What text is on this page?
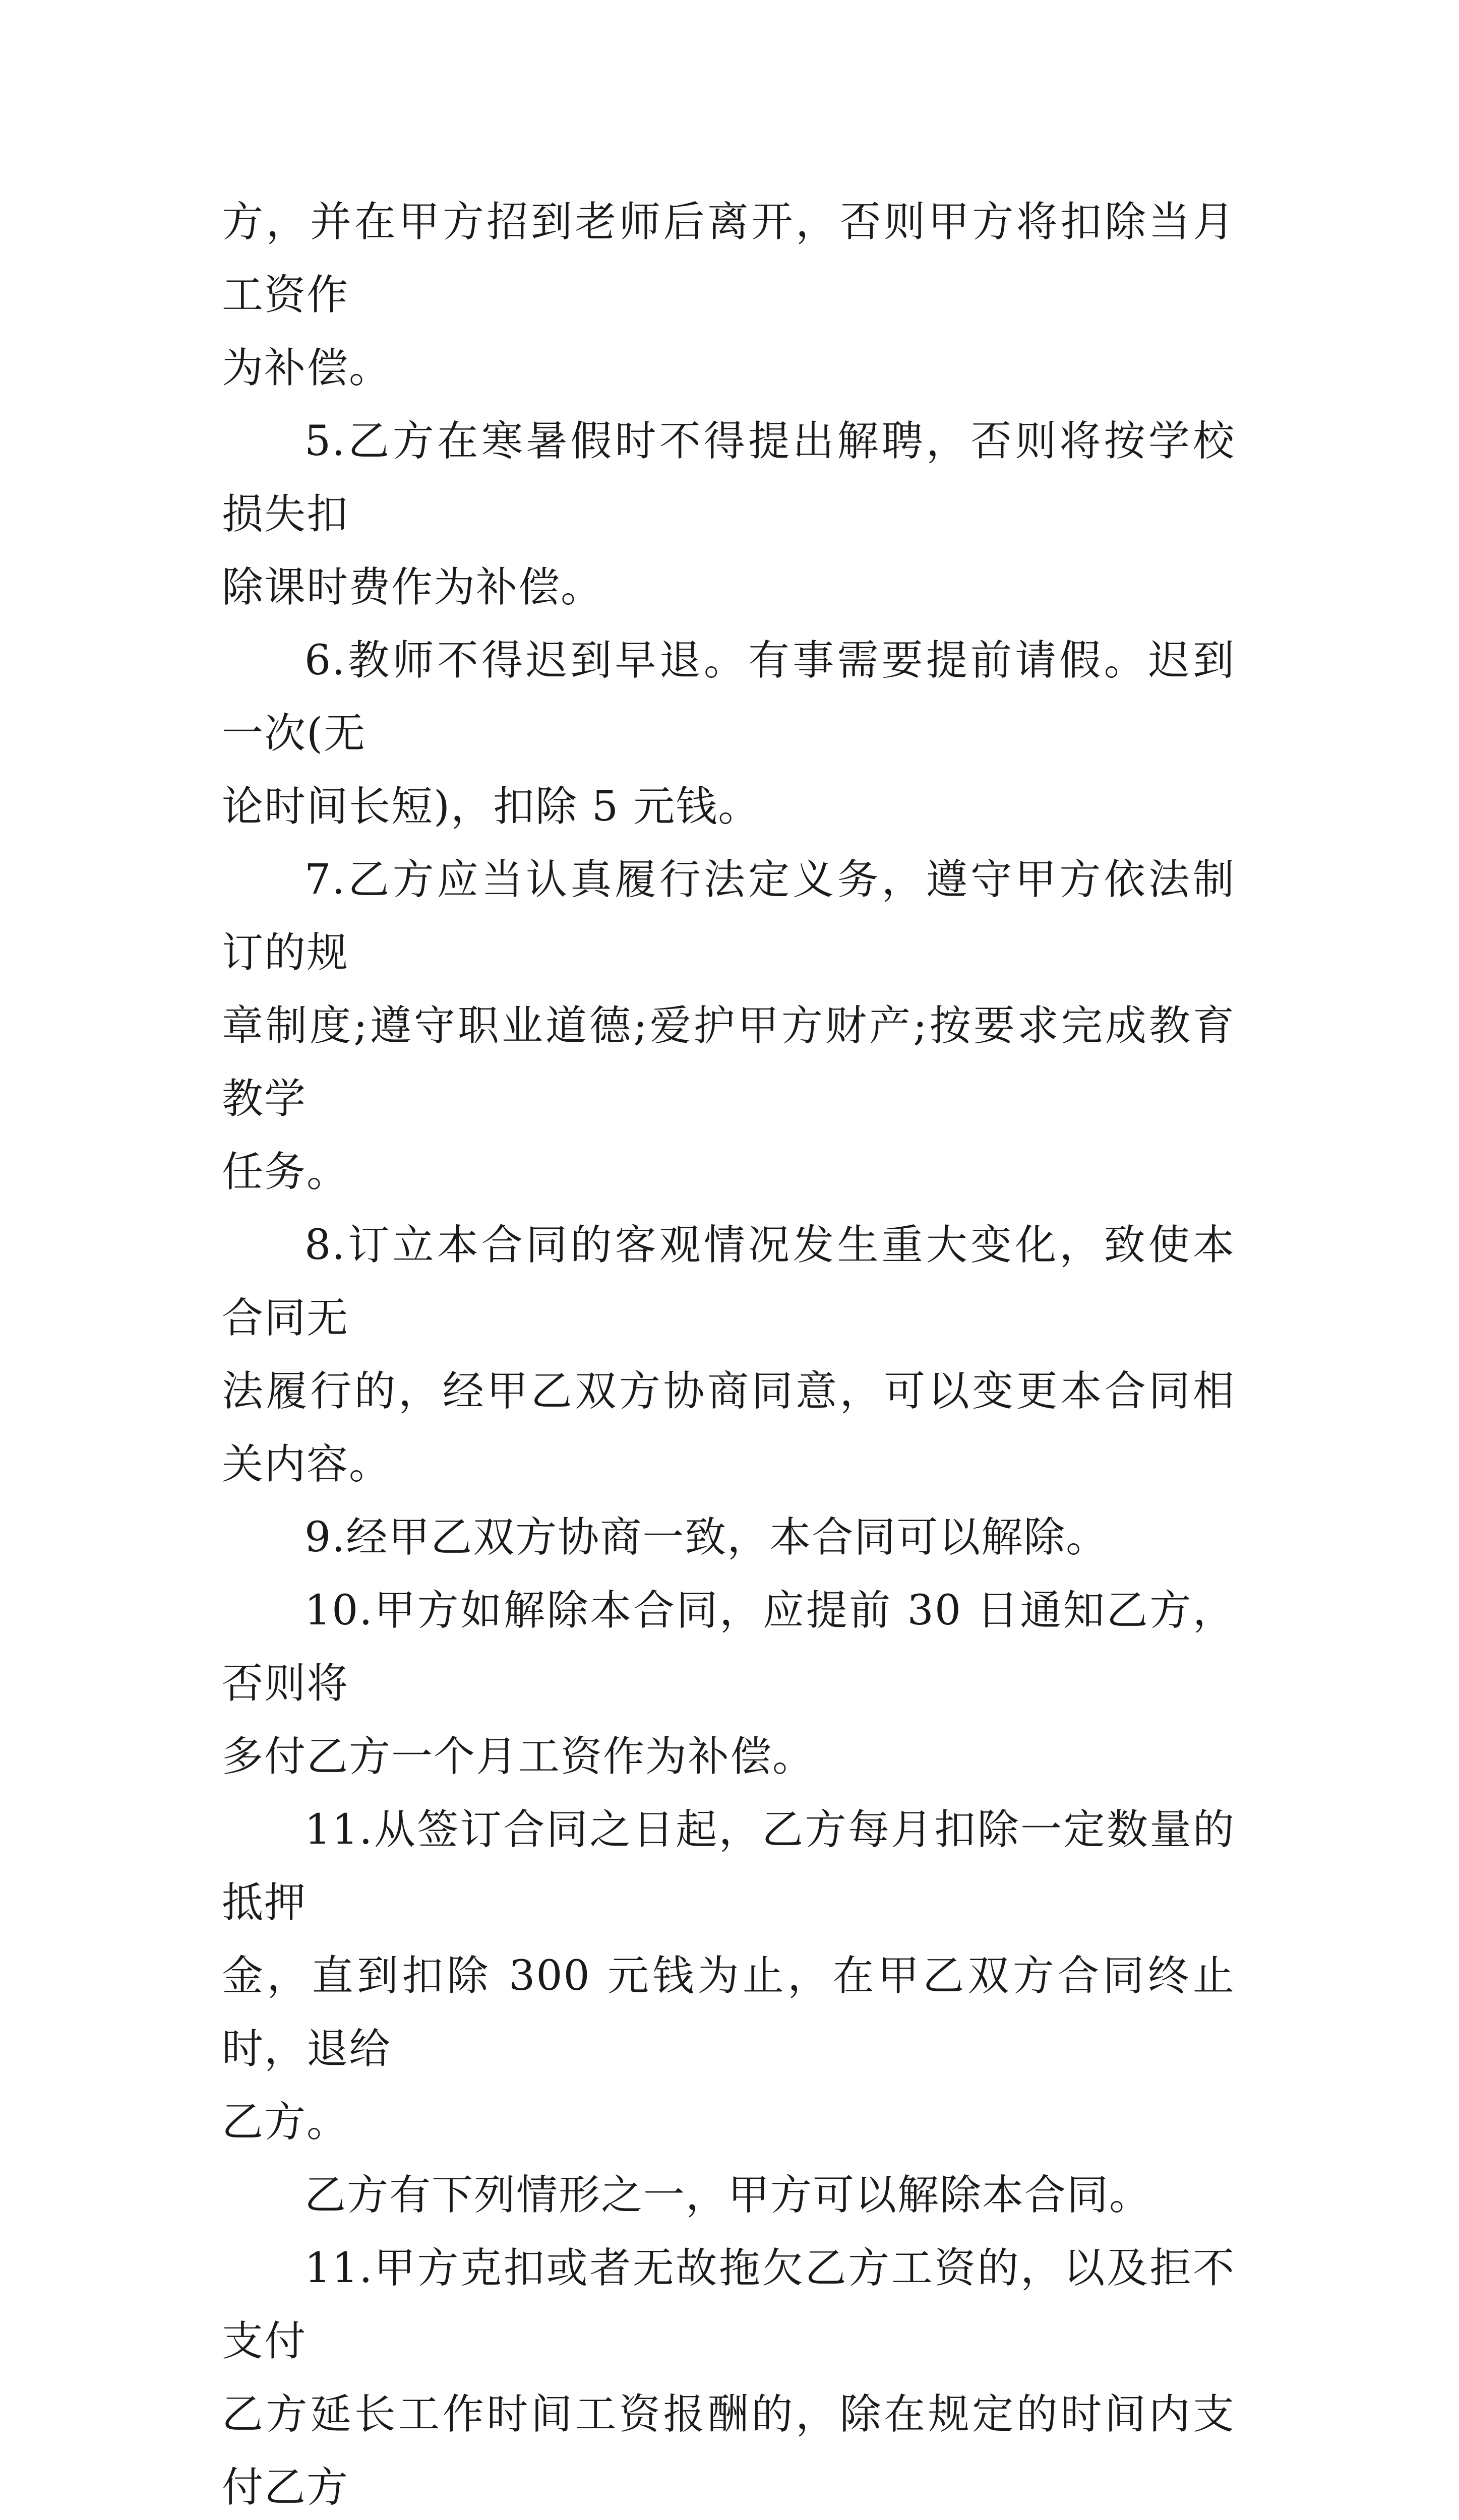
方，并在甲方招到老师后离开，否则甲方将扣除当月工资作
为补偿。

5.乙方在寒暑假时不得提出解聘，否则将按学校损失扣
除课时费作为补偿。

6.教师不得迟到早退。有事需要提前请假。迟到一次(无
论时间长短)，扣除 5 元钱。

7.乙方应当认真履行法定义务，遵守甲方依法制订的规
章制度;遵守职业道德;爱护甲方财产;按要求完成教育教学
任务。

8.订立本合同的客观情况发生重大变化，致使本合同无
法履行的，经甲乙双方协商同意，可以变更本合同相关内容。

9.经甲乙双方协商一致，本合同可以解除。

10.甲方如解除本合同，应提前 30 日通知乙方，否则将
多付乙方一个月工资作为补偿。

11.从签订合同之日起，乙方每月扣除一定数量的抵押
金，直到扣除 300 元钱为止，在甲乙双方合同终止时，退给
乙方。

乙方有下列情形之一，甲方可以解除本合同。

11.甲方克扣或者无故拖欠乙方工资的，以及拒不支付
乙方延长工作时间工资报酬的，除在规定的时间内支付乙方
